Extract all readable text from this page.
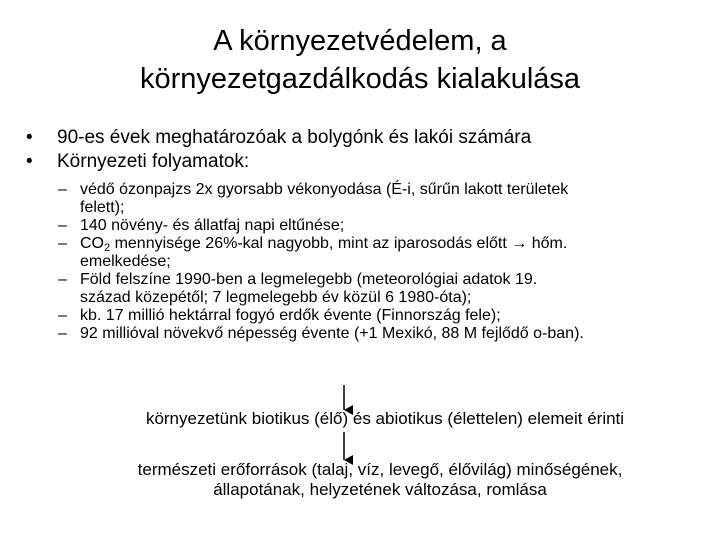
A környezetvédelem, a
környezetgazdálkodás kialakulása
• 90-es évek meghatározóak a bolygónk és lakói számára
• Környezeti folyamatok:
– védő ózonpajzs 2x gyorsabb vékonyodása (É-i, sűrűn lakott területek
felett);
– 140 növény- és állatfaj napi eltűnése;
– $CO_2$ mennyisége 26%-kal nagyobb, mint az iparosodás előtt → hőm.
emelkedése;
– Föld felszíne 1990-ben a legmelegebb (meteorológiai adatok 19.
század közepétől; 7 legmelegebb év közül 6 1980-óta);
– kb. 17 millió hektárral fogyó erdők évente (Finnország fele);
– 92 millióval növekvő népesség évente (+1 Mexikó, 88 M fejlődő o-ban).
környezetünk biotikus (élő) és abiotikus (élettelen) elemeit érinti
természeti erőforrások (talaj, víz, levegő, élővilág) minőségének,
állapotának, helyzetének változása, romlása
